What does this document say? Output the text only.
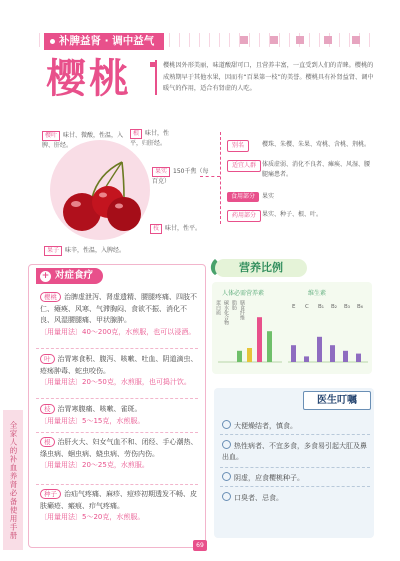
补脾益肾 · 调中益气
樱桃	樱桃因外形美丽，味道酸甜可口，且营养丰富，一直受到人们的青睐。樱桃的成熟期早于其他水果，因而有“百果第一枝”的美誉。樱桃具有补肾益肾、调中暖气的作用，适合有肾虚的人吃。
樱叶 味甘、微酸，性温，入脾、肝经。
根 味甘，性平，归肝经。
果实 150千焦（每百克）
枝 味甘，性平。
果子 味辛，性温，入脾经。
别名	樱珠、朱樱、朱果、莺桃、含桃、荆桃。
适宜人群 体质虚弱、消化不良者、瘫痪、风湿、腰腿痛患者。
食用部分	果实
药用部分 果实、种子、根、叶。
+ 对症食疗
樱桃 治脾虚泄泻、肾虚遗精、腰腿疼痛、四肢不仁、瘫痪、风寒、气滞胸闷、食欲不振、消化不良、风湿腰腿痛、甲状腺肿。
〔用量用法〕40～200克，水煎服，也可以浸酒。
叶 治胃寒食积、腹泻、咳嗽、吐血、阴道滴虫、疮疡肿毒、蛇虫咬伤。
〔用量用法〕20～50克，水煎服，也可捣汁饮。
枝 治胃寒腹痛、咳嗽、雀斑。
〔用量用法〕5～15克，水煎服。
根 治肝火大、妇女气血不和、闭经、手心潮热、绦虫病、蛔虫病、蛲虫病、劳伤内伤。
〔用量用法〕20～25克，水煎服。
种子 治疝气疼痛、麻疹、痘疹初期透发不畅、皮肤癞疮、瘢痕、疖气疼痛。
〔用量用法〕5～20克，水煎服。
全家人的补血养肾必备使用手册
营养比例
人体必需营养素	维生素
蛋白质 碳水化合物 脂肪 膳食纤维	E C B₁ B₂ B₃ B₆
医生叮嘱
大便燥结者，慎食。
热性病者、不宜多食，多食易引起大肛及鼻出血。
阴虚，应食樱桃种子。
口臭者、忌食。
69
